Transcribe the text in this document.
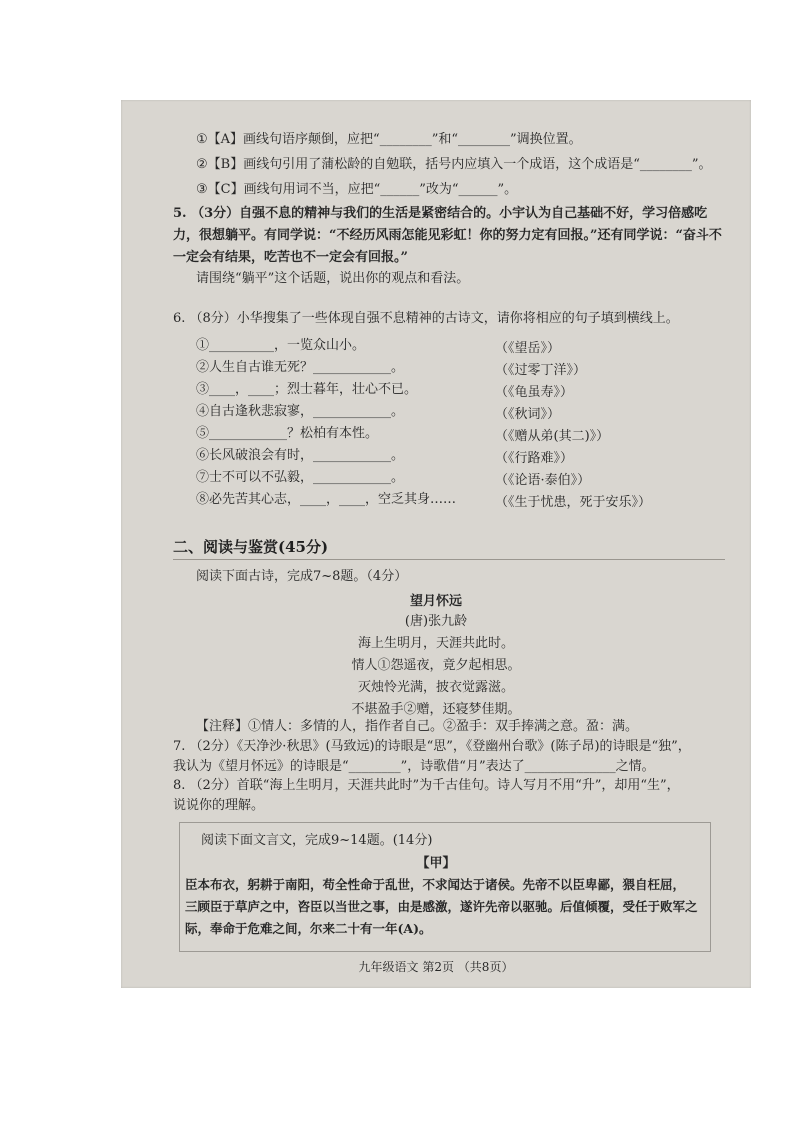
①【A】画线句语序颠倒，应把“________”和“________”调换位置。
②【B】画线句引用了蒲松龄的自勉联，括号内应填入一个成语，这个成语是“________”。
③【C】画线句用词不当，应把“______”改为“______”。
5. （3分）自强不息的精神与我们的生活是紧密结合的。小宇认为自己基础不好，学习倍感吃力，很想躺平。有同学说：“不经历风雨怎能见彩虹！你的努力定有回报。”还有同学说：“奋斗不一定会有结果，吃苦也不一定会有回报。”
请围绕“躺平”这个话题，说出你的观点和看法。
6. （8分）小华搜集了一些体现自强不息精神的古诗文，请你将相应的句子填到横线上。
①__________，一览众山小。	（《望岳》）
②人生自古谁无死？____________。	（《过零丁洋》）
③____，____；烈士暮年，壮心不已。	（《龟虽寿》）
④自古逢秋悲寂寥，____________。	（《秋词》）
⑤____________？松柏有本性。	（《赠从弟(其二)》）
⑥长风破浪会有时，____________。	（《行路难》）
⑦士不可以不弘毅，____________。	（《论语·泰伯》）
⑧必先苦其心志，____，____，空乏其身……	（《生于忧患，死于安乐》）
二、阅读与鉴赏(45分)
阅读下面古诗，完成7~8题。（4分）
望月怀远
(唐)张九龄
海上生明月，天涯共此时。
情人①怨遥夜，竟夕起相思。
灭烛怜光满，披衣觉露滋。
不堪盈手②赠，还寝梦佳期。
【注释】①情人：多情的人，指作者自己。②盈手：双手捧满之意。盈：满。
7. （2分）《天净沙·秋思》(马致远)的诗眼是“思”，《登幽州台歌》(陈子昂)的诗眼是“独”，
我认为《望月怀远》的诗眼是“________”，诗歌借“月”表达了______________之情。
8. （2分）首联“海上生明月，天涯共此时”为千古佳句。诗人写月不用“升”，却用“生”，
说说你的理解。
阅读下面文言文，完成9~14题。(14分)
【甲】
臣本布衣，躬耕于南阳，苟全性命于乱世，不求闻达于诸侯。先帝不以臣卑鄙，猥自枉屈，
三顾臣于草庐之中，咨臣以当世之事，由是感激，遂许先帝以驱驰。后值倾覆，受任于败军之
际，奉命于危难之间，尔来二十有一年(A)。
九年级语文 第2页 （共8页）
